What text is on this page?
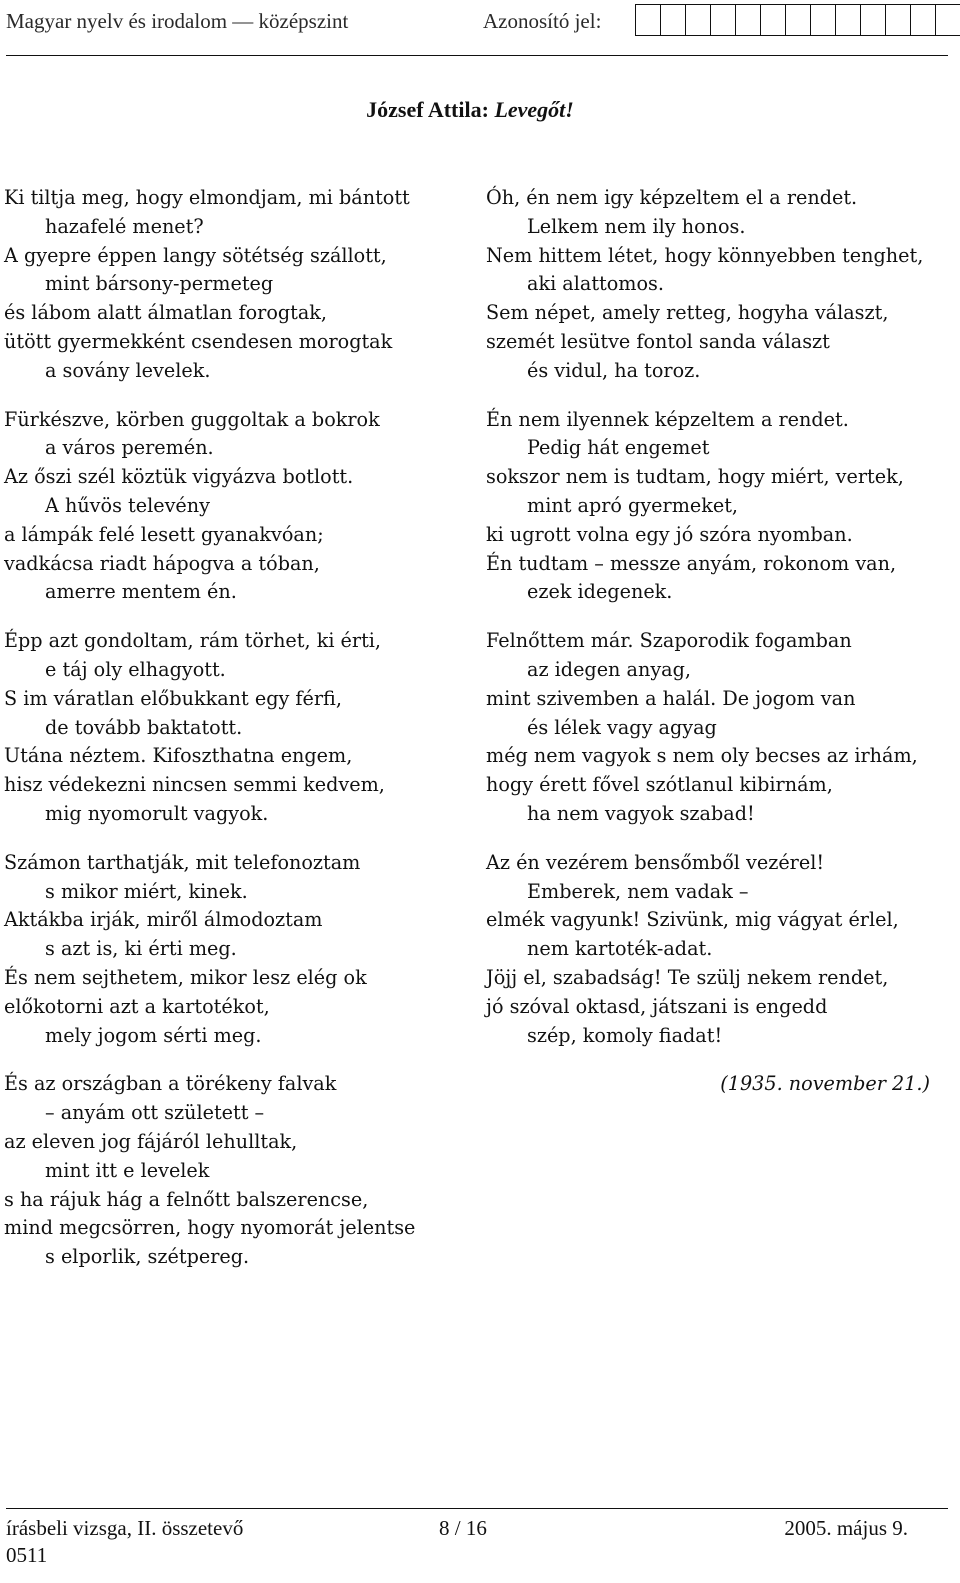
Magyar nyelv és irodalom — középszint	Azonosító jel:
József Attila: Levegőt!
Ki tiltja meg, hogy elmondjam, mi bántott
hazafelé menet?
A gyepre éppen langy sötétség szállott,
mint bársony-permeteg
és lábom alatt álmatlan forogtak,
ütött gyermekként csendesen morogtak
a sovány levelek.
Fürkészve, körben guggoltak a bokrok
a város peremén.
Az őszi szél köztük vigyázva botlott.
A hűvös televény
a lámpák felé lesett gyanakvóan;
vadkácsa riadt hápogva a tóban,
amerre mentem én.
Épp azt gondoltam, rám törhet, ki érti,
e táj oly elhagyott.
S im váratlan előbukkant egy férfi,
de tovább baktatott.
Utána néztem. Kifoszthatna engem,
hisz védekezni nincsen semmi kedvem,
mig nyomorult vagyok.
Számon tarthatják, mit telefonoztam
s mikor miért, kinek.
Aktákba irják, miről álmodoztam
s azt is, ki érti meg.
És nem sejthetem, mikor lesz elég ok
előkotorni azt a kartotékot,
mely jogom sérti meg.
És az országban a törékeny falvak
– anyám ott született –
az eleven jog fájáról lehulltak,
mint itt e levelek
s ha rájuk hág a felnőtt balszerencse,
mind megcsörren, hogy nyomorát jelentse
s elporlik, szétpereg.
Óh, én nem igy képzeltem el a rendet.
Lelkem nem ily honos.
Nem hittem létet, hogy könnyebben tenghet,
aki alattomos.
Sem népet, amely retteg, hogyha választ,
szemét lesütve fontol sanda választ
és vidul, ha toroz.
Én nem ilyennek képzeltem a rendet.
Pedig hát engemet
sokszor nem is tudtam, hogy miért, vertek,
mint apró gyermeket,
ki ugrott volna egy jó szóra nyomban.
Én tudtam – messze anyám, rokonom van,
ezek idegenek.
Felnőttem már. Szaporodik fogamban
az idegen anyag,
mint szivemben a halál. De jogom van
és lélek vagy agyag
még nem vagyok s nem oly becses az irhám,
hogy érett fővel szótlanul kibirnám,
ha nem vagyok szabad!
Az én vezérem bensőmből vezérel!
Emberek, nem vadak –
elmék vagyunk! Szivünk, mig vágyat érlel,
nem kartoték-adat.
Jöjj el, szabadság! Te szülj nekem rendet,
jó szóval oktasd, játszani is engedd
szép, komoly fiadat!
(1935. november 21.)
írásbeli vizsga, II. összetevő	8 / 16	2005. május 9.
0511
